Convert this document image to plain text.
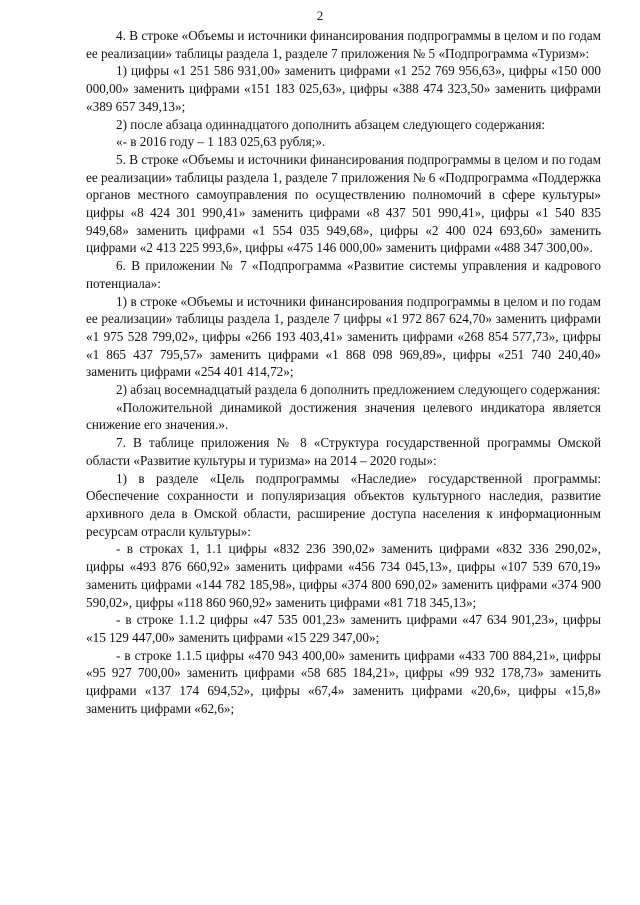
2

4. В строке «Объемы и источники финансирования подпрограммы в целом и по годам ее реализации» таблицы раздела 1, разделе 7 приложения № 5 «Подпрограмма «Туризм»:

1) цифры «1 251 586 931,00» заменить цифрами «1 252 769 956,63», цифры «150 000 000,00» заменить цифрами «151 183 025,63», цифры «388 474 323,50» заменить цифрами «389 657 349,13»;

2) после абзаца одиннадцатого дополнить абзацем следующего содержания:

«- в 2016 году – 1 183 025,63 рубля;».

5. В строке «Объемы и источники финансирования подпрограммы в целом и по годам ее реализации» таблицы раздела 1, разделе 7 приложения № 6 «Подпрограмма «Поддержка органов местного самоуправления по осуществлению полномочий в сфере культуры» цифры «8 424 301 990,41» заменить цифрами «8 437 501 990,41», цифры «1 540 835 949,68» заменить цифрами «1 554 035 949,68», цифры «2 400 024 693,60» заменить цифрами «2 413 225 993,6», цифры «475 146 000,00» заменить цифрами «488 347 300,00».

6. В приложении № 7 «Подпрограмма «Развитие системы управления и кадрового потенциала»:

1) в строке «Объемы и источники финансирования подпрограммы в целом и по годам ее реализации» таблицы раздела 1, разделе 7 цифры «1 972 867 624,70» заменить цифрами «1 975 528 799,02», цифры «266 193 403,41» заменить цифрами «268 854 577,73», цифры «1 865 437 795,57» заменить цифрами «1 868 098 969,89», цифры «251 740 240,40» заменить цифрами «254 401 414,72»;

2) абзац восемнадцатый раздела 6 дополнить предложением следующего содержания:

«Положительной динамикой достижения значения целевого индикатора является снижение его значения.».

7. В таблице приложения № 8 «Структура государственной программы Омской области «Развитие культуры и туризма» на 2014 – 2020 годы»:

1) в разделе «Цель подпрограммы «Наследие» государственной программы: Обеспечение сохранности и популяризация объектов культурного наследия, развитие архивного дела в Омской области, расширение доступа населения к информационным ресурсам отрасли культуры»:

- в строках 1, 1.1 цифры «832 236 390,02» заменить цифрами «832 336 290,02», цифры «493 876 660,92» заменить цифрами «456 734 045,13», цифры «107 539 670,19» заменить цифрами «144 782 185,98», цифры «374 800 690,02» заменить цифрами «374 900 590,02», цифры «118 860 960,92» заменить цифрами «81 718 345,13»;

- в строке 1.1.2 цифры «47 535 001,23» заменить цифрами «47 634 901,23», цифры «15 129 447,00» заменить цифрами «15 229 347,00»;

- в строке 1.1.5 цифры «470 943 400,00» заменить цифрами «433 700 884,21», цифры «95 927 700,00» заменить цифрами «58 685 184,21», цифры «99 932 178,73» заменить цифрами «137 174 694,52», цифры «67,4» заменить цифрами «20,6», цифры «15,8» заменить цифрами «62,6»;
